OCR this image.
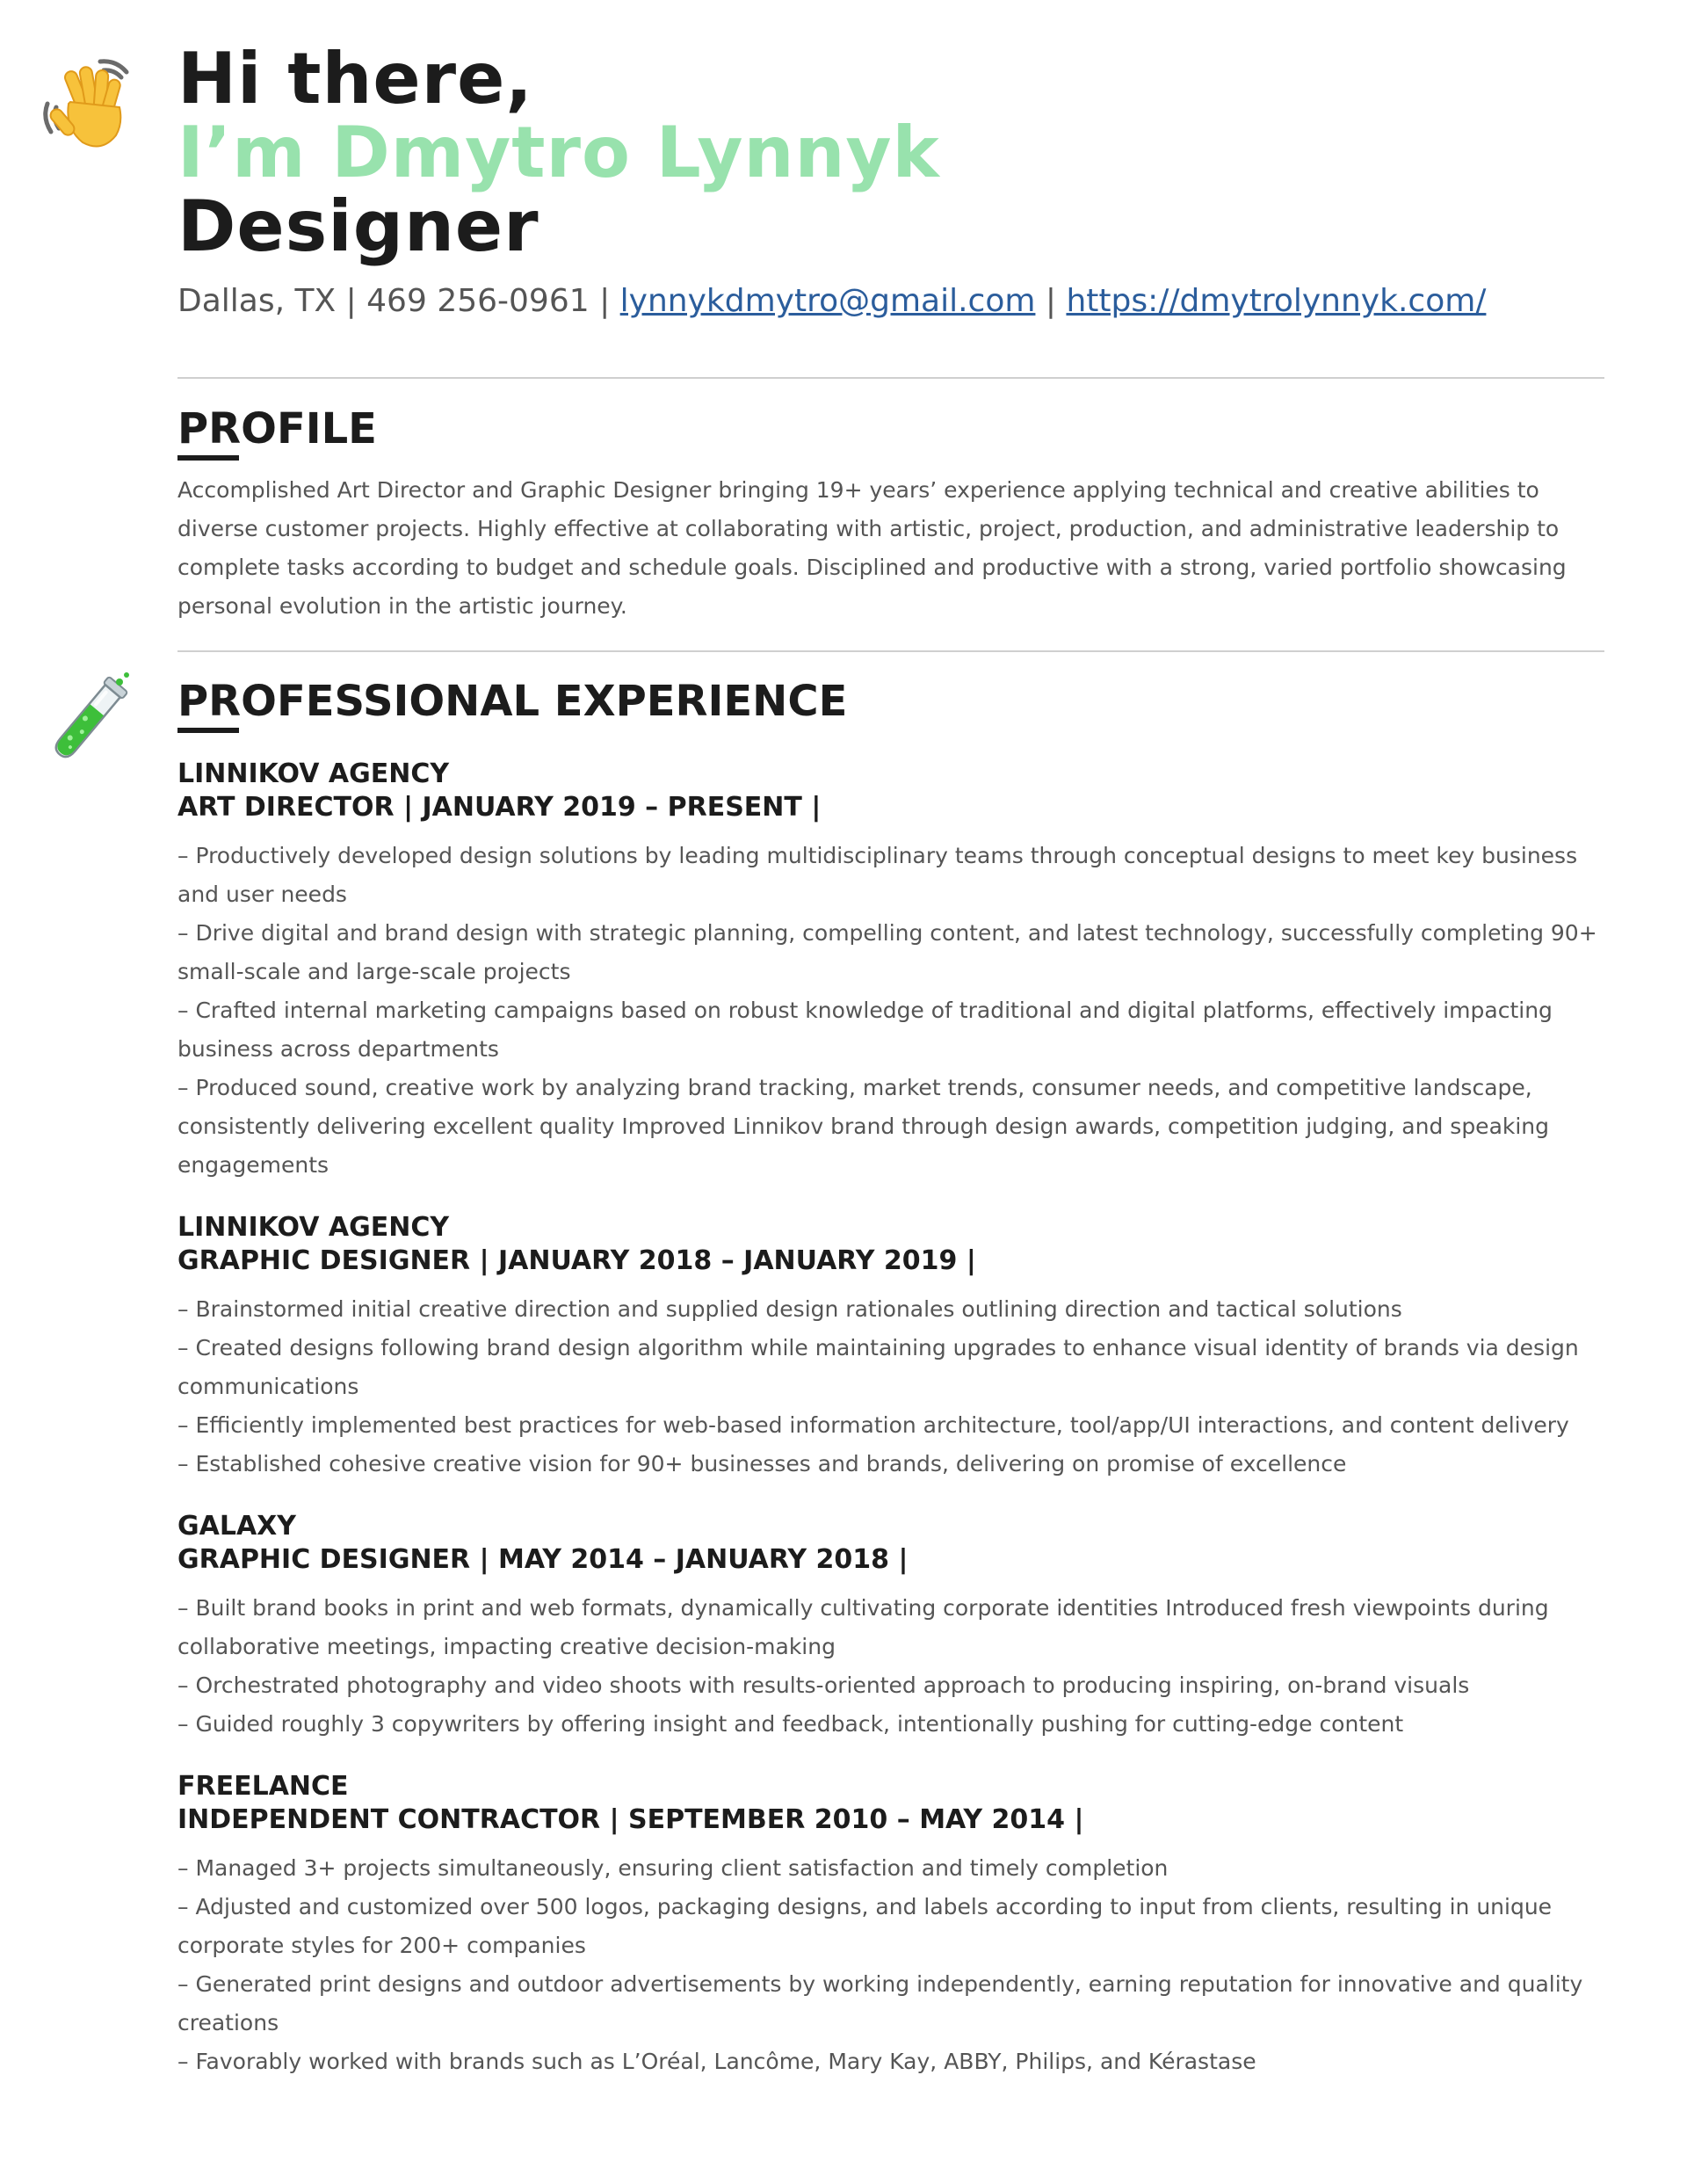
Hi there,
I’m Dmytro Lynnyk
Designer
Dallas, TX | 469 256-0961 | lynnykdmytro@gmail.com | https://dmytrolynnyk.com/
PROFILE
Accomplished Art Director and Graphic Designer bringing 19+ years’ experience applying technical and creative abilities to diverse customer projects. Highly effective at collaborating with artistic, project, production, and administrative leadership to complete tasks according to budget and schedule goals. Disciplined and productive with a strong, varied portfolio showcasing personal evolution in the artistic journey.
PROFESSIONAL EXPERIENCE
LINNIKOV AGENCY
ART DIRECTOR | JANUARY 2019 – PRESENT |
– Productively developed design solutions by leading multidisciplinary teams through conceptual designs to meet key business and user needs
– Drive digital and brand design with strategic planning, compelling content, and latest technology, successfully completing 90+ small-scale and large-scale projects
– Crafted internal marketing campaigns based on robust knowledge of traditional and digital platforms, effectively impacting business across departments
– Produced sound, creative work by analyzing brand tracking, market trends, consumer needs, and competitive landscape, consistently delivering excellent quality Improved Linnikov brand through design awards, competition judging, and speaking engagements
LINNIKOV AGENCY
GRAPHIC DESIGNER | JANUARY 2018 – JANUARY 2019 |
– Brainstormed initial creative direction and supplied design rationales outlining direction and tactical solutions
– Created designs following brand design algorithm while maintaining upgrades to enhance visual identity of brands via design communications
– Efficiently implemented best practices for web-based information architecture, tool/app/UI interactions, and content delivery
– Established cohesive creative vision for 90+ businesses and brands, delivering on promise of excellence
GALAXY
GRAPHIC DESIGNER | MAY 2014 – JANUARY 2018 |
– Built brand books in print and web formats, dynamically cultivating corporate identities Introduced fresh viewpoints during collaborative meetings, impacting creative decision-making
– Orchestrated photography and video shoots with results-oriented approach to producing inspiring, on-brand visuals
– Guided roughly 3 copywriters by offering insight and feedback, intentionally pushing for cutting-edge content
FREELANCE
INDEPENDENT CONTRACTOR | SEPTEMBER 2010 – MAY 2014 |
– Managed 3+ projects simultaneously, ensuring client satisfaction and timely completion
– Adjusted and customized over 500 logos, packaging designs, and labels according to input from clients, resulting in unique corporate styles for 200+ companies
– Generated print designs and outdoor advertisements by working independently, earning reputation for innovative and quality creations
– Favorably worked with brands such as L’Oréal, Lancôme, Mary Kay, ABBY, Philips, and Kérastase
